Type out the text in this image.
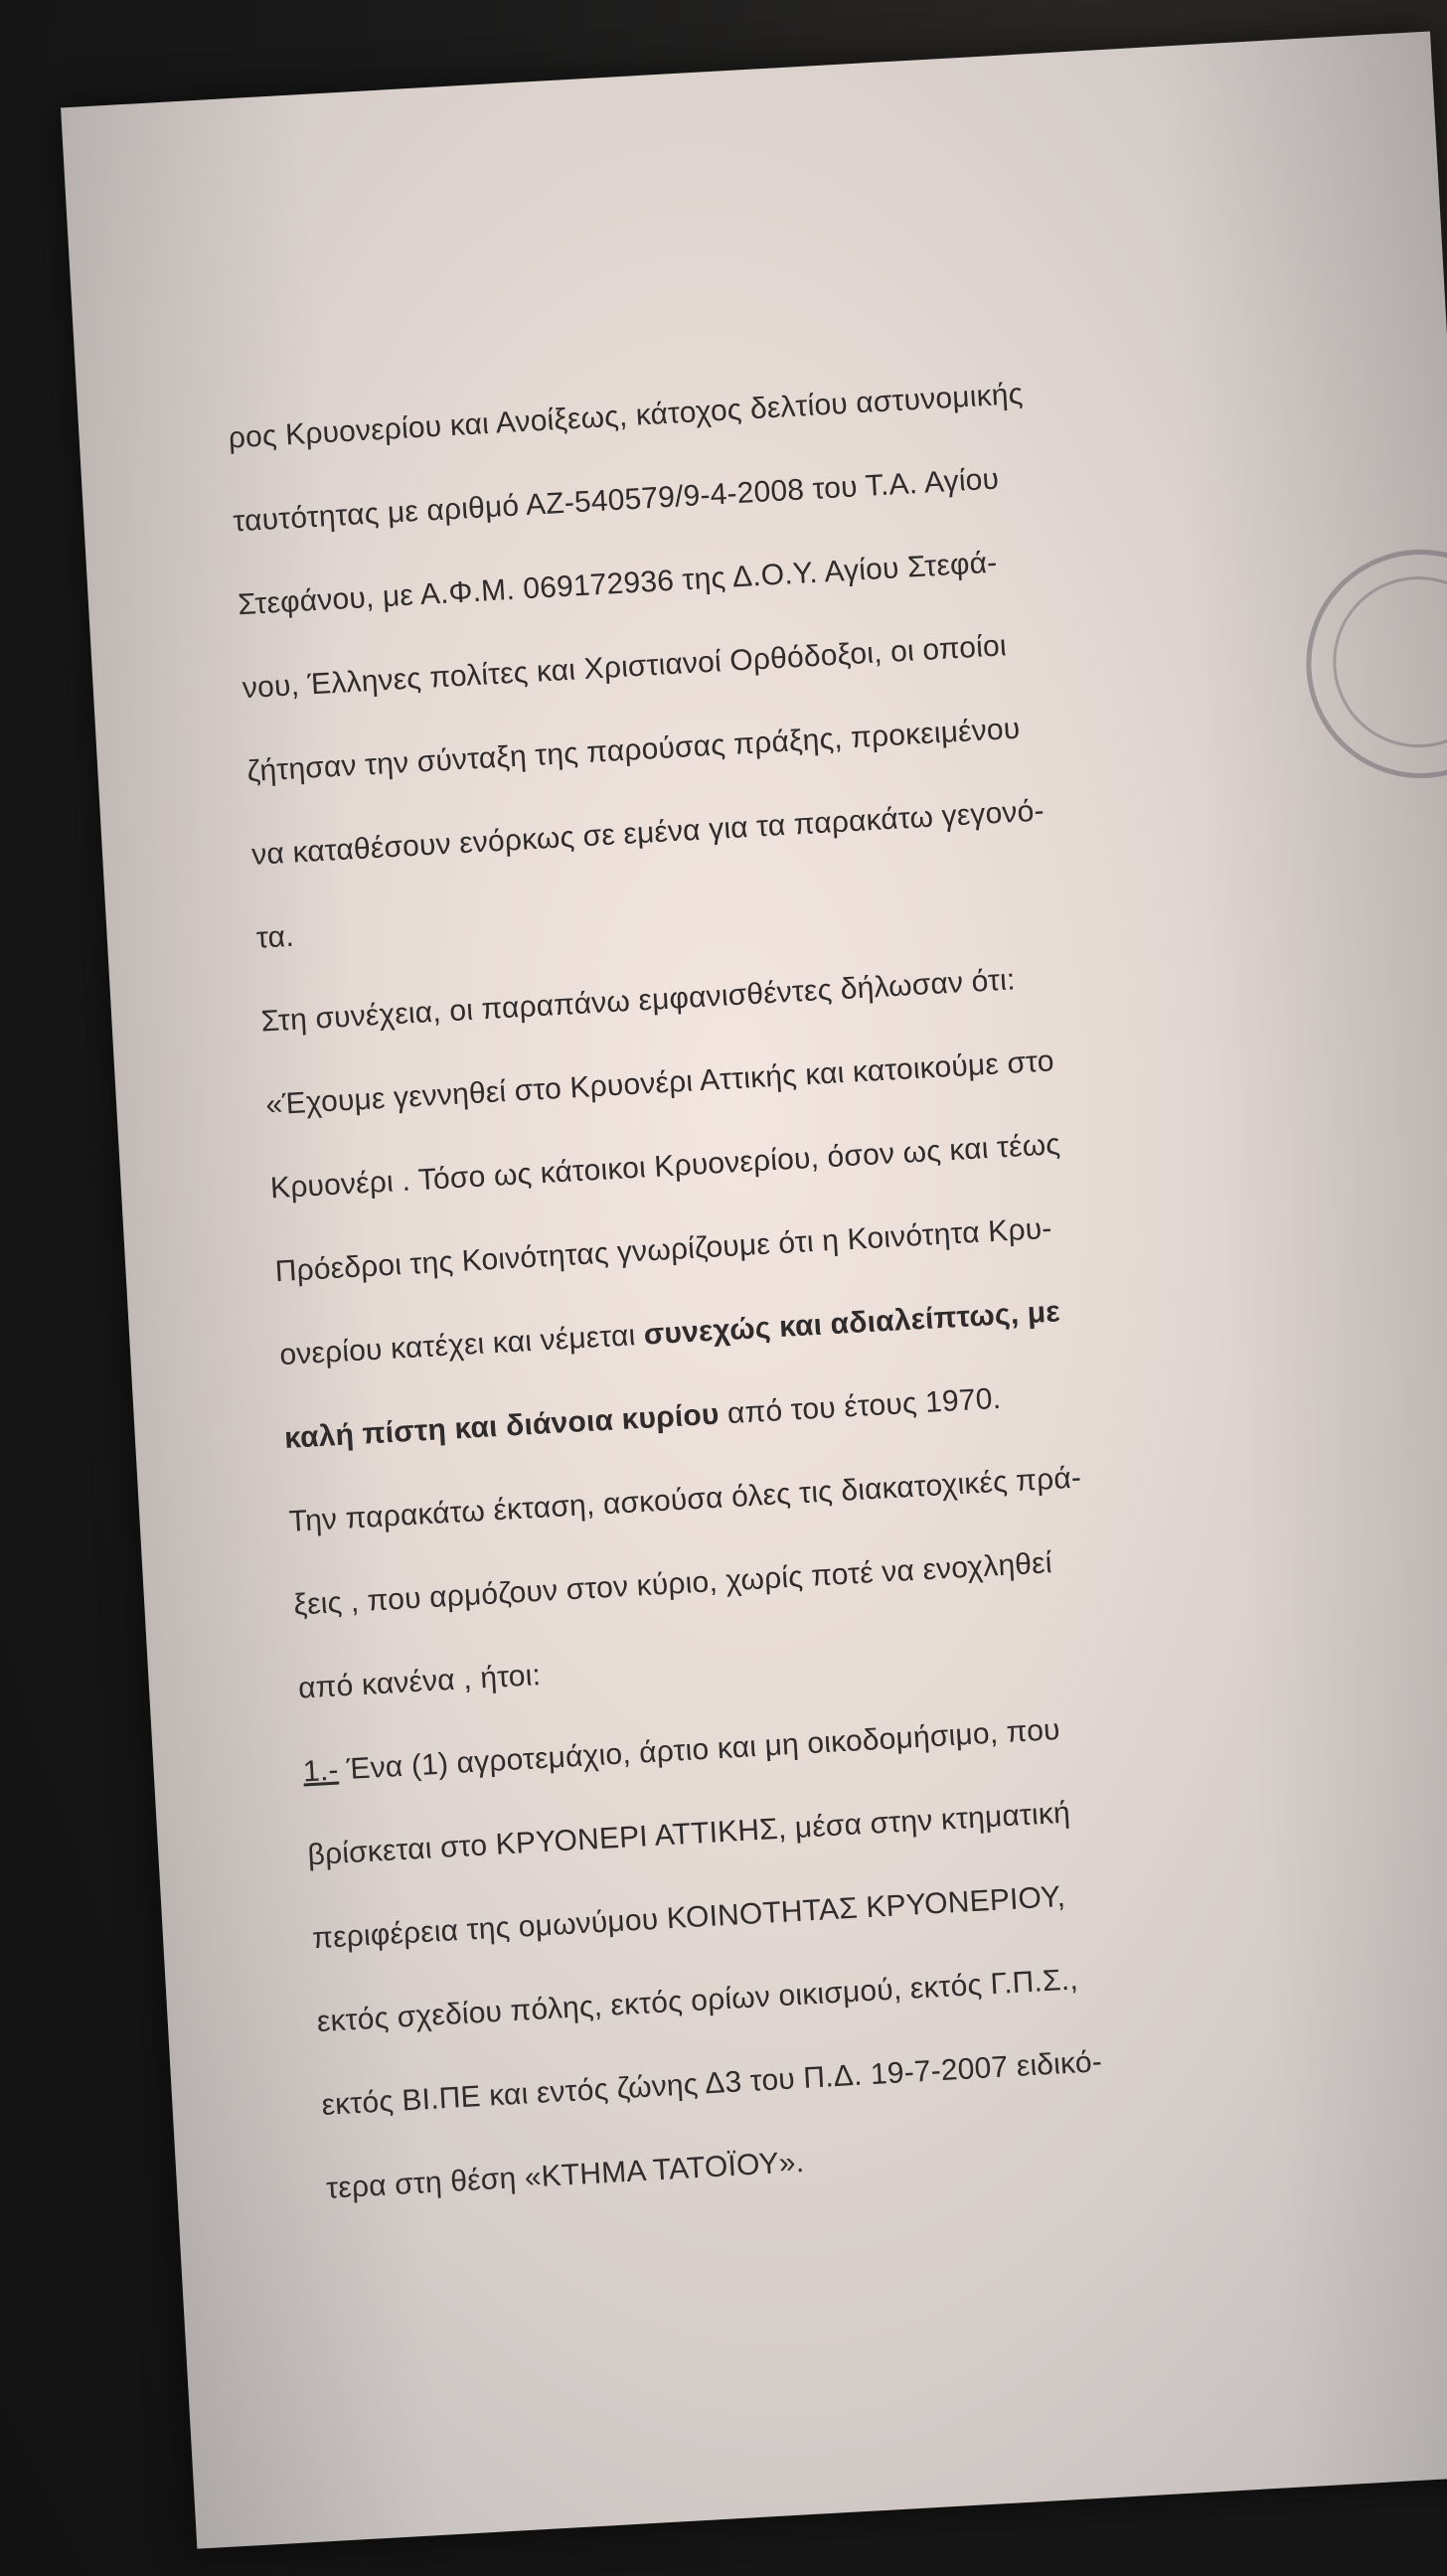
ρος Κρυονερίου και Ανοίξεως, κάτοχος δελτίου αστυνομικής
ταυτότητας με αριθμό ΑΖ-540579/9-4-2008 του Τ.Α. Αγίου
Στεφάνου, με Α.Φ.Μ. 069172936 της Δ.Ο.Υ. Αγίου Στεφά-
νου, Έλληνες πολίτες και Χριστιανοί Ορθόδοξοι, οι οποίοι
ζήτησαν την σύνταξη της παρούσας πράξης, προκειμένου
να καταθέσουν ενόρκως σε εμένα για τα παρακάτω γεγονό-
τα.
Στη συνέχεια, οι παραπάνω εμφανισθέντες δήλωσαν ότι:
«Έχουμε γεννηθεί στο Κρυονέρι Αττικής και κατοικούμε στο
Κρυονέρι . Τόσο ως κάτοικοι Κρυονερίου, όσον ως και τέως
Πρόεδροι της Κοινότητας γνωρίζουμε ότι η Κοινότητα Κρυ-
ονερίου κατέχει και νέμεται συνεχώς και αδιαλείπτως, με
καλή πίστη και διάνοια κυρίου από του έτους 1970.
Την παρακάτω έκταση, ασκούσα όλες τις διακατοχικές πρά-
ξεις , που αρμόζουν στον κύριο, χωρίς ποτέ να ενοχληθεί
από κανένα , ήτοι:
1.- Ένα (1) αγροτεμάχιο, άρτιο και μη οικοδομήσιμο, που
βρίσκεται στο ΚΡΥΟΝΕΡΙ ΑΤΤΙΚΗΣ, μέσα στην κτηματική
περιφέρεια της ομωνύμου ΚΟΙΝΟΤΗΤΑΣ ΚΡΥΟΝΕΡΙΟΥ,
εκτός σχεδίου πόλης, εκτός ορίων οικισμού, εκτός Γ.Π.Σ.,
εκτός ΒΙ.ΠΕ και εντός ζώνης Δ3 του Π.Δ. 19-7-2007 ειδικό-
τερα στη θέση «ΚΤΗΜΑ ΤΑΤΟΪΟΥ».
